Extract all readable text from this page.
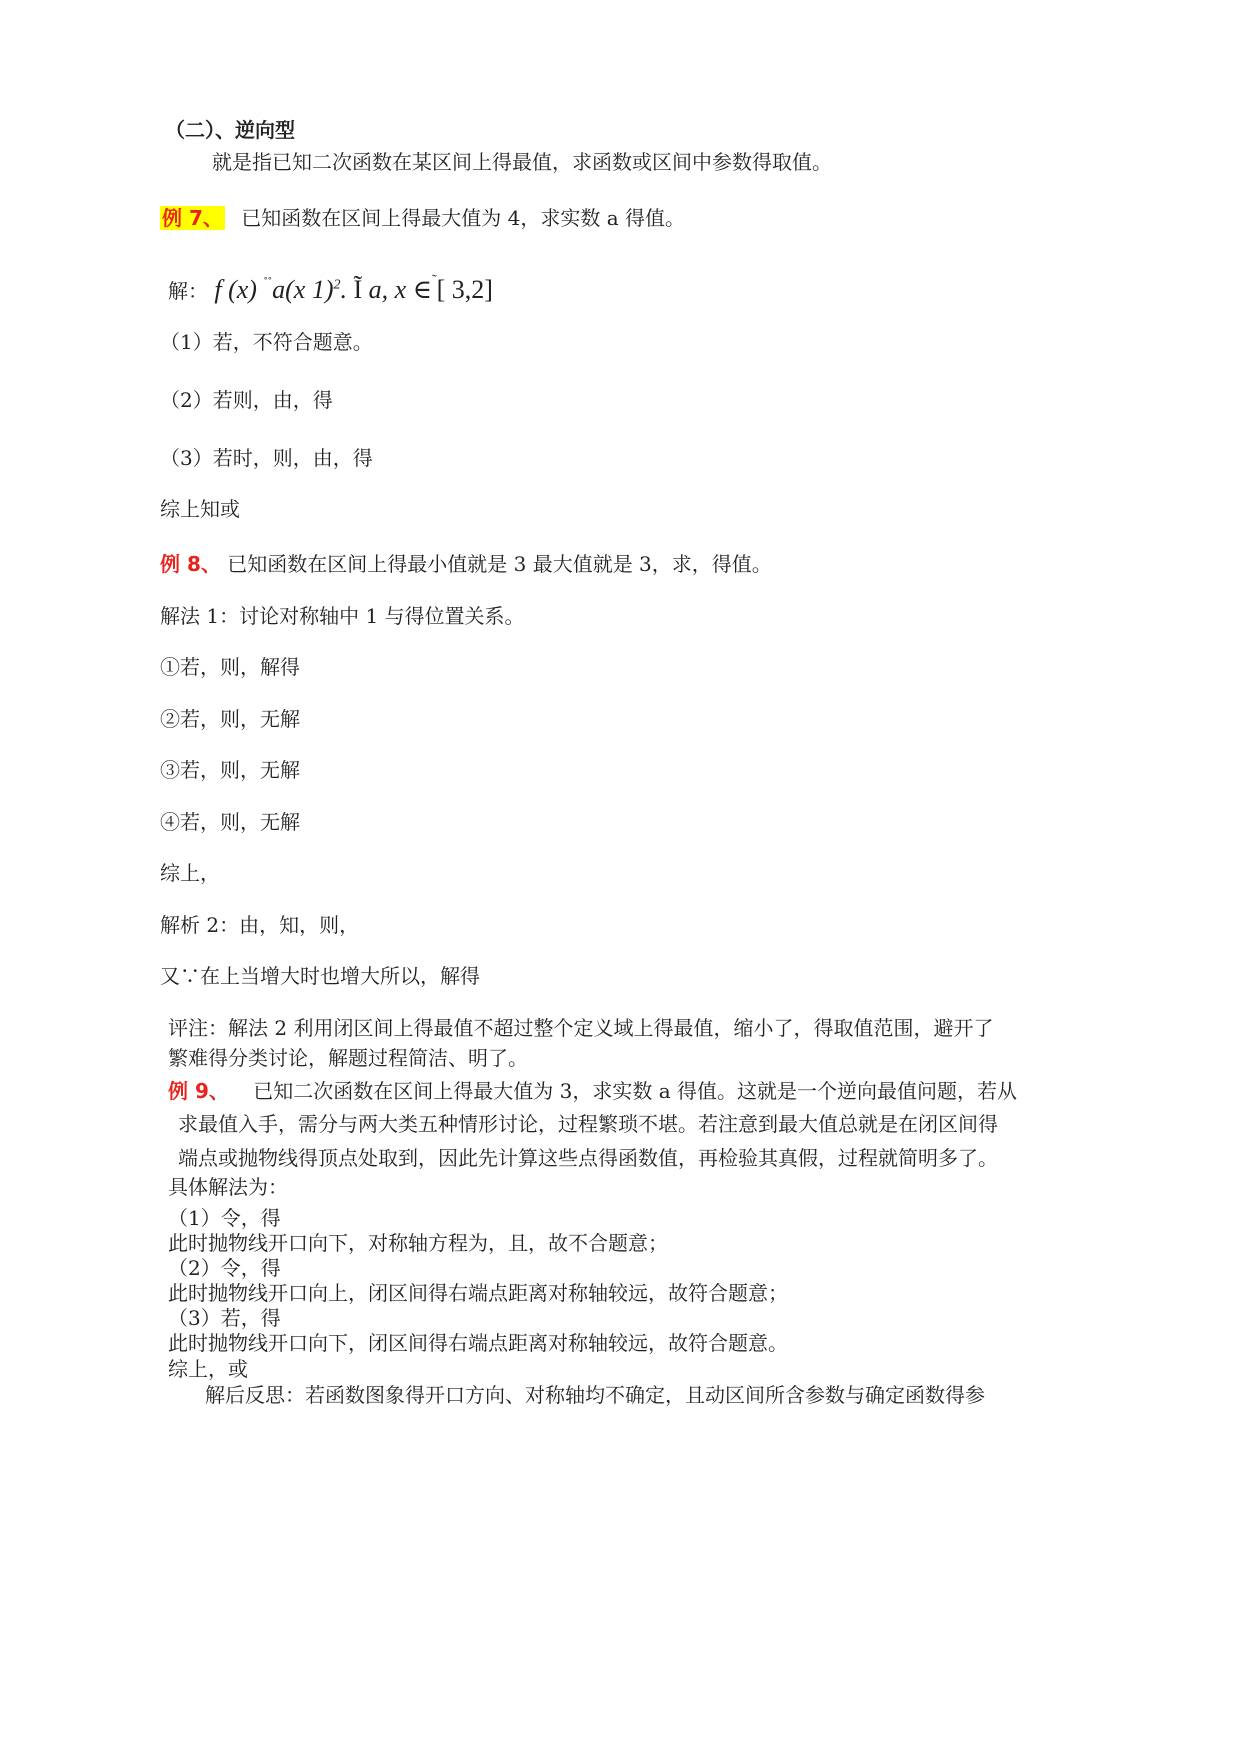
（二）、逆向型
就是指已知二次函数在某区间上得最值，求函数或区间中参数得取值。
例 7、 已知函数在区间上得最大值为 4，求实数 a 得值。
解： f (x) ˚˚a(x 1)$^2$. Ĩ a, x ∈˜[ 3,2]
（1）若，不符合题意。
（2）若则，由，得
（3）若时，则，由，得
综上知或
例 8、 已知函数在区间上得最小值就是 3 最大值就是 3，求，得值。
解法 1：讨论对称轴中 1 与得位置关系。
①若，则，解得
②若，则，无解
③若，则，无解
④若，则，无解
综上，
解析 2：由，知，则，
又∵在上当增大时也增大所以，解得
评注：解法 2 利用闭区间上得最值不超过整个定义域上得最值，缩小了，得取值范围，避开了
繁难得分类讨论，解题过程简洁、明了。
例 9、 已知二次函数在区间上得最大值为 3，求实数 a 得值。这就是一个逆向最值问题，若从
求最值入手，需分与两大类五种情形讨论，过程繁琐不堪。若注意到最大值总就是在闭区间得
端点或抛物线得顶点处取到，因此先计算这些点得函数值，再检验其真假，过程就简明多了。
具体解法为：
（1）令，得
此时抛物线开口向下，对称轴方程为，且，故不合题意；
（2）令，得
此时抛物线开口向上，闭区间得右端点距离对称轴较远，故符合题意；
（3）若，得
此时抛物线开口向下，闭区间得右端点距离对称轴较远，故符合题意。
综上，或
解后反思：若函数图象得开口方向、对称轴均不确定，且动区间所含参数与确定函数得参
